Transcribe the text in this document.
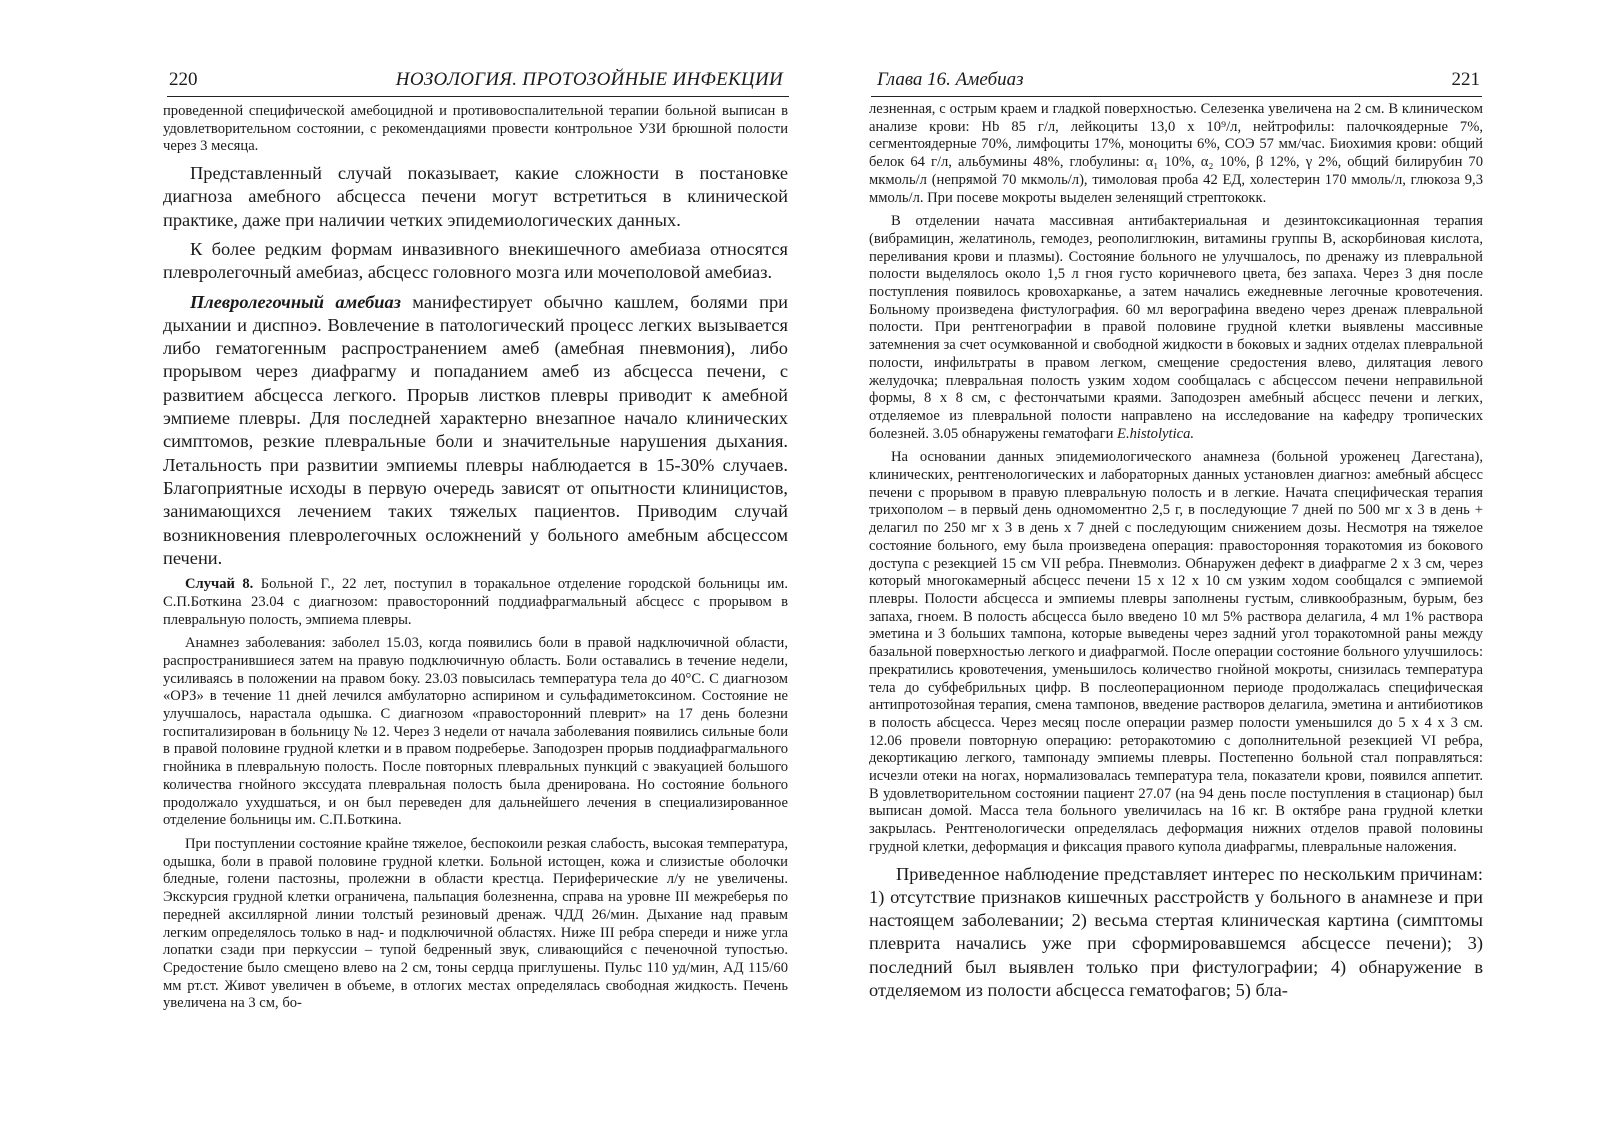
220	НОЗОЛОГИЯ. ПРОТОЗОЙНЫЕ ИНФЕКЦИИ

проведенной специфической амебоцидной и противовоспалительной терапии больной выписан в удовлетворительном состоянии, с рекомендациями провести контрольное УЗИ брюшной полости через 3 месяца.

Представленный случай показывает, какие сложности в постановке диагноза амебного абсцесса печени могут встретиться в клинической практике, даже при наличии четких эпидемиологических данных.

К более редким формам инвазивного внекишечного амебиаза относятся плевролегочный амебиаз, абсцесс головного мозга или мочеполовой амебиаз.

Плевролегочный амебиаз манифестирует обычно кашлем, болями при дыхании и диспноэ. Вовлечение в патологический процесс легких вызывается либо гематогенным распространением амеб (амебная пневмония), либо прорывом через диафрагму и попаданием амеб из абсцесса печени, с развитием абсцесса легкого. Прорыв листков плевры приводит к амебной эмпиеме плевры. Для последней характерно внезапное начало клинических симптомов, резкие плевральные боли и значительные нарушения дыхания. Летальность при развитии эмпиемы плевры наблюдается в 15-30% случаев. Благоприятные исходы в первую очередь зависят от опытности клиницистов, занимающихся лечением таких тяжелых пациентов. Приводим случай возникновения плевролегочных осложнений у больного амебным абсцессом печени.

Случай 8. Больной Г., 22 лет, поступил в торакальное отделение городской больницы им. С.П.Боткина 23.04 с диагнозом: правосторонний поддиафрагмальный абсцесс с прорывом в плевральную полость, эмпиема плевры.

Анамнез заболевания: заболел 15.03, когда появились боли в правой надключичной области, распространившиеся затем на правую подключичную область. Боли оставались в течение недели, усиливаясь в положении на правом боку. 23.03 повысилась температура тела до 40°С. С диагнозом «ОРЗ» в течение 11 дней лечился амбулаторно аспирином и сульфадиметоксином. Состояние не улучшалось, нарастала одышка. С диагнозом «правосторонний плеврит» на 17 день болезни госпитализирован в больницу № 12. Через 3 недели от начала заболевания появились сильные боли в правой половине грудной клетки и в правом подреберье. Заподозрен прорыв поддиафрагмального гнойника в плевральную полость. После повторных плевральных пункций с эвакуацией большого количества гнойного экссудата плевральная полость была дренирована. Но состояние больного продолжало ухудшаться, и он был переведен для дальнейшего лечения в специализированное отделение больницы им. С.П.Боткина.

При поступлении состояние крайне тяжелое, беспокоили резкая слабость, высокая температура, одышка, боли в правой половине грудной клетки. Больной истощен, кожа и слизистые оболочки бледные, голени пастозны, пролежни в области крестца. Периферические л/у не увеличены. Экскурсия грудной клетки ограничена, пальпация болезненна, справа на уровне III межреберья по передней аксиллярной линии толстый резиновый дренаж. ЧДД 26/мин. Дыхание над правым легким определялось только в над- и подключичной областях. Ниже III ребра спереди и ниже угла лопатки сзади при перкуссии – тупой бедренный звук, сливающийся с печеночной тупостью. Средостение было смещено влево на 2 см, тоны сердца приглушены. Пульс 110 уд/мин, АД 115/60 мм рт.ст. Живот увеличен в объеме, в отлогих местах определялась свободная жидкость. Печень увеличена на 3 см, бо-

Глава 16. Амебиаз	221

лезненная, с острым краем и гладкой поверхностью. Селезенка увеличена на 2 см. В клиническом анализе крови: Hb 85 г/л, лейкоциты 13,0 х 10⁹/л, нейтрофилы: палочкоядерные 7%, сегментоядерные 70%, лимфоциты 17%, моноциты 6%, СОЭ 57 мм/час. Биохимия крови: общий белок 64 г/л, альбумины 48%, глобулины: α₁ 10%, α₂ 10%, β 12%, γ 2%, общий билирубин 70 мкмоль/л (непрямой 70 мкмоль/л), тимоловая проба 42 ЕД, холестерин 170 ммоль/л, глюкоза 9,3 ммоль/л. При посеве мокроты выделен зеленящий стрептококк.

В отделении начата массивная антибактериальная и дезинтоксикационная терапия (вибрамицин, желатиноль, гемодез, реополиглюкин, витамины группы В, аскорбиновая кислота, переливания крови и плазмы). Состояние больного не улучшалось, по дренажу из плевральной полости выделялось около 1,5 л гноя густо коричневого цвета, без запаха. Через 3 дня после поступления появилось кровохарканье, а затем начались ежедневные легочные кровотечения. Больному произведена фистулография. 60 мл верографина введено через дренаж плевральной полости. При рентгенографии в правой половине грудной клетки выявлены массивные затемнения за счет осумкованной и свободной жидкости в боковых и задних отделах плевральной полости, инфильтраты в правом легком, смещение средостения влево, дилятация левого желудочка; плевральная полость узким ходом сообщалась с абсцессом печени неправильной формы, 8 х 8 см, с фестончатыми краями. Заподозрен амебный абсцесс печени и легких, отделяемое из плевральной полости направлено на исследование на кафедру тропических болезней. 3.05 обнаружены гематофаги E.histolytica.

На основании данных эпидемиологического анамнеза (больной уроженец Дагестана), клинических, рентгенологических и лабораторных данных установлен диагноз: амебный абсцесс печени с прорывом в правую плевральную полость и в легкие. Начата специфическая терапия трихополом – в первый день одномоментно 2,5 г, в последующие 7 дней по 500 мг х 3 в день + делагил по 250 мг х 3 в день х 7 дней с последующим снижением дозы. Несмотря на тяжелое состояние больного, ему была произведена операция: правосторонняя торакотомия из бокового доступа с резекцией 15 см VII ребра. Пневмолиз. Обнаружен дефект в диафрагме 2 х 3 см, через который многокамерный абсцесс печени 15 х 12 х 10 см узким ходом сообщался с эмпиемой плевры. Полости абсцесса и эмпиемы плевры заполнены густым, сливкообразным, бурым, без запаха, гноем. В полость абсцесса было введено 10 мл 5% раствора делагила, 4 мл 1% раствора эметина и 3 больших тампона, которые выведены через задний угол торакотомной раны между базальной поверхностью легкого и диафрагмой. После операции состояние больного улучшилось: прекратились кровотечения, уменьшилось количество гнойной мокроты, снизилась температура тела до субфебрильных цифр. В послеоперационном периоде продолжалась специфическая антипротозойная терапия, смена тампонов, введение растворов делагила, эметина и антибиотиков в полость абсцесса. Через месяц после операции размер полости уменьшился до 5 х 4 х 3 см. 12.06 провели повторную операцию: реторакотомию с дополнительной резекцией VI ребра, декортикацию легкого, тампонаду эмпиемы плевры. Постепенно больной стал поправляться: исчезли отеки на ногах, нормализовалась температура тела, показатели крови, появился аппетит. В удовлетворительном состоянии пациент 27.07 (на 94 день после поступления в стационар) был выписан домой. Масса тела больного увеличилась на 16 кг. В октябре рана грудной клетки закрылась. Рентгенологически определялась деформация нижних отделов правой половины грудной клетки, деформация и фиксация правого купола диафрагмы, плевральные наложения.

Приведенное наблюдение представляет интерес по нескольким причинам: 1) отсутствие признаков кишечных расстройств у больного в анамнезе и при настоящем заболевании; 2) весьма стертая клиническая картина (симптомы плеврита начались уже при сформировавшемся абсцессе печени); 3) последний был выявлен только при фистулографии; 4) обнаружение в отделяемом из полости абсцесса гематофагов; 5) бла-
